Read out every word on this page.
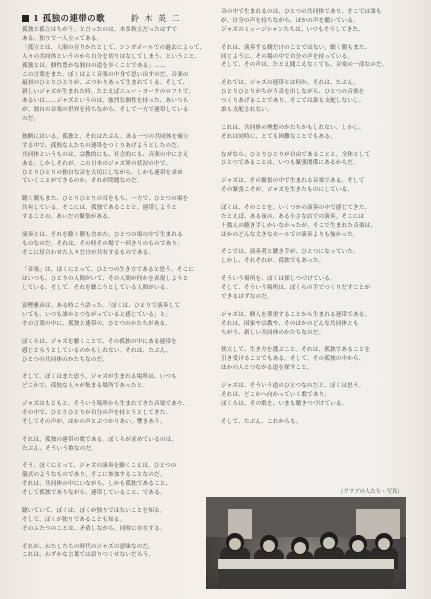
1 孤独の連帯の歌	鈴 木 英 二
孤独と孤立はちがう。と言ったのは、本多秋五だったはずで
ある。独りで一人立ってある。
「孤立とは、人間の在りかたとして、シンガポールでの過去によって、
人々の共同体というのから自分を切りはなしてしまう、ということ、
孤独とは、個性豊かな独自の道を歩くことである」……
この言葉をまた、ぼくはよく音楽の中身で思い出すのだ。音楽の
最初のひとりひとりが、ぶつかりあって生まれてくる。そして、
新しいジャズが生まれた時、たとえばニュー・ヨークのロフトで、
あるいは……ジャズというのは、強烈な個性を持った、あいつら
が、独自の音楽の世界を持ちながら、そして一方で連帯している
のだ。

独断にはいる。孤独と、それはたぶん、ある一つの共同体を確立
する中で、孤独な人たちの連帯をつくりあげようとしたのだ。
共同体というものは、宗教的にも、社会的にも、音楽の中にさえ
ある。しかしそれが、この日本のジャズ界の状況の中で、
ひとりひとりの独自な音を大切にしながら、しかも連帯を求め
ていくことができるのか。それが問題なのだ。

聴く側もまた、ひとりひとりの耳をもち、一方で、ひとつの場を
共有している。そこには、孤独であることと、連帯しようと
することの、あいだの緊張がある。

演奏とは、それを聴く側も含めた、ひとつの場の中で生まれる
ものなのだ。それは、その時その場で一回きりのものであり、
そこに居合わせた人々だけが共有するものである。

「音楽」は、ぼくにとって、ひとつの生き方であると思う。そこに
はいつも、ひとりの人間がいて、その人間が何かを表現しようと
している。そして、それを聴こうとしている人間がいる。

富樫雅彦は、ある時こう語った。「ぼくは、ひとりで演奏して
いても、いつも誰かとつながっていると感じている」と。
その言葉の中に、孤独と連帯の、ひとつのかたちがある。

ぼくらは、ジャズを聴くことで、その孤独の中にある連帯を
感じとろうとしているのかもしれない。それは、たぶん、
ひとつの共同体のかたちなのだ。

そして、ぼくはまた思う。ジャズが生まれる場所は、いつも
どこかで、孤独な人々が集まる場所であったと。

ジャズはもともと、そういう場所から生まれてきた音楽であり、
その中で、ひとりひとりが自分の声を持とうとしてきた。
そしてその声が、ほかの声とぶつかりあい、響きあう。

それは、孤独の連帯の歌である。ぼくらが求めているのは、
たぶん、そういう歌なのだ。

そう、ぼくにとって、ジャズの演奏を聴くことは、ひとつの
儀式のようなものであり、そこに参加することなのだ。
それは、共同体の中にいながら、しかも孤独であること、
そして孤独でありながら、連帯していること、である。

聴いていて、ぼくは、ぼくが独りではないことを知る。
そして、ぼくが独りであることも知る。
そのふたつのことは、矛盾しながら、同時に存在する。

それが、わたしたちの時代のジャズの意味なのだ。
これは、わずかな言葉では語りつくせないだろう。
音の中で生まれるのは、ひとつの共同体であり、そこでは誰も
が、自分の声を持ちながら、ほかの声を聴いている。
ジャズのミュージシャンたちは、いつもそうしてきた。

それは、演奏する側だけのことではない。聴く側もまた、
同じように、その場の中で自分の声を持っている。
そして、その声は、たとえ聞こえなくても、音楽の一部なのだ。

それでは、ジャズの連帯とは何か。それは、たぶん、
ひとりひとりがちがう音を出しながら、ひとつの音楽を
つくりあげることであり、そこでは誰も支配しないし、
誰も支配されない。

これは、共同体の理想のかたちかもしれない。しかし、
それは同時に、とても困難なことでもある。

なぜなら、ひとりひとりが自由であることと、全体として
ひとつであることは、いつも緊張関係にあるからだ。

ジャズは、その緊張の中で生まれる音楽である。そして
その緊張こそが、ジャズを生きたものにしている。

ぼくは、そのことを、いくつかの演奏の中で感じてきた。
たとえば、ある夜の、ある小さな店での演奏。そこには
十数人の聴き手しかいなかったが、そこで生まれた音楽は、
ほかのどんな大きなホールでの演奏よりも強かった。

そこでは、演奏者と聴き手が、ひとつになっていた。
しかし、それぞれが、孤独でもあった。

そういう場所を、ぼくは探しつづけている。
そして、そういう場所は、ぼくらの手でつくりだすことが
できるはずなのだ。

ジャズは、個人を尊重することから生まれる連帯である。
それは、国家や宗教や、そのほかのどんな共同体とも
ちがう、新しい共同体のかたちなのだ。

独立して、生き方を選ぶこと。それは、孤独であることを
引き受けることでもある。そして、その孤独の中から、
ほかの人とつながる道を探すこと。

ジャズは、そういう道のひとつなのだと、ぼくは思う。
それは、どこかへ向かっていく歌であり、
ぼくらは、その歌を、いまも聴きつづけている。

そして、たぶん、これからも。
（アラブの人たち・写真）
